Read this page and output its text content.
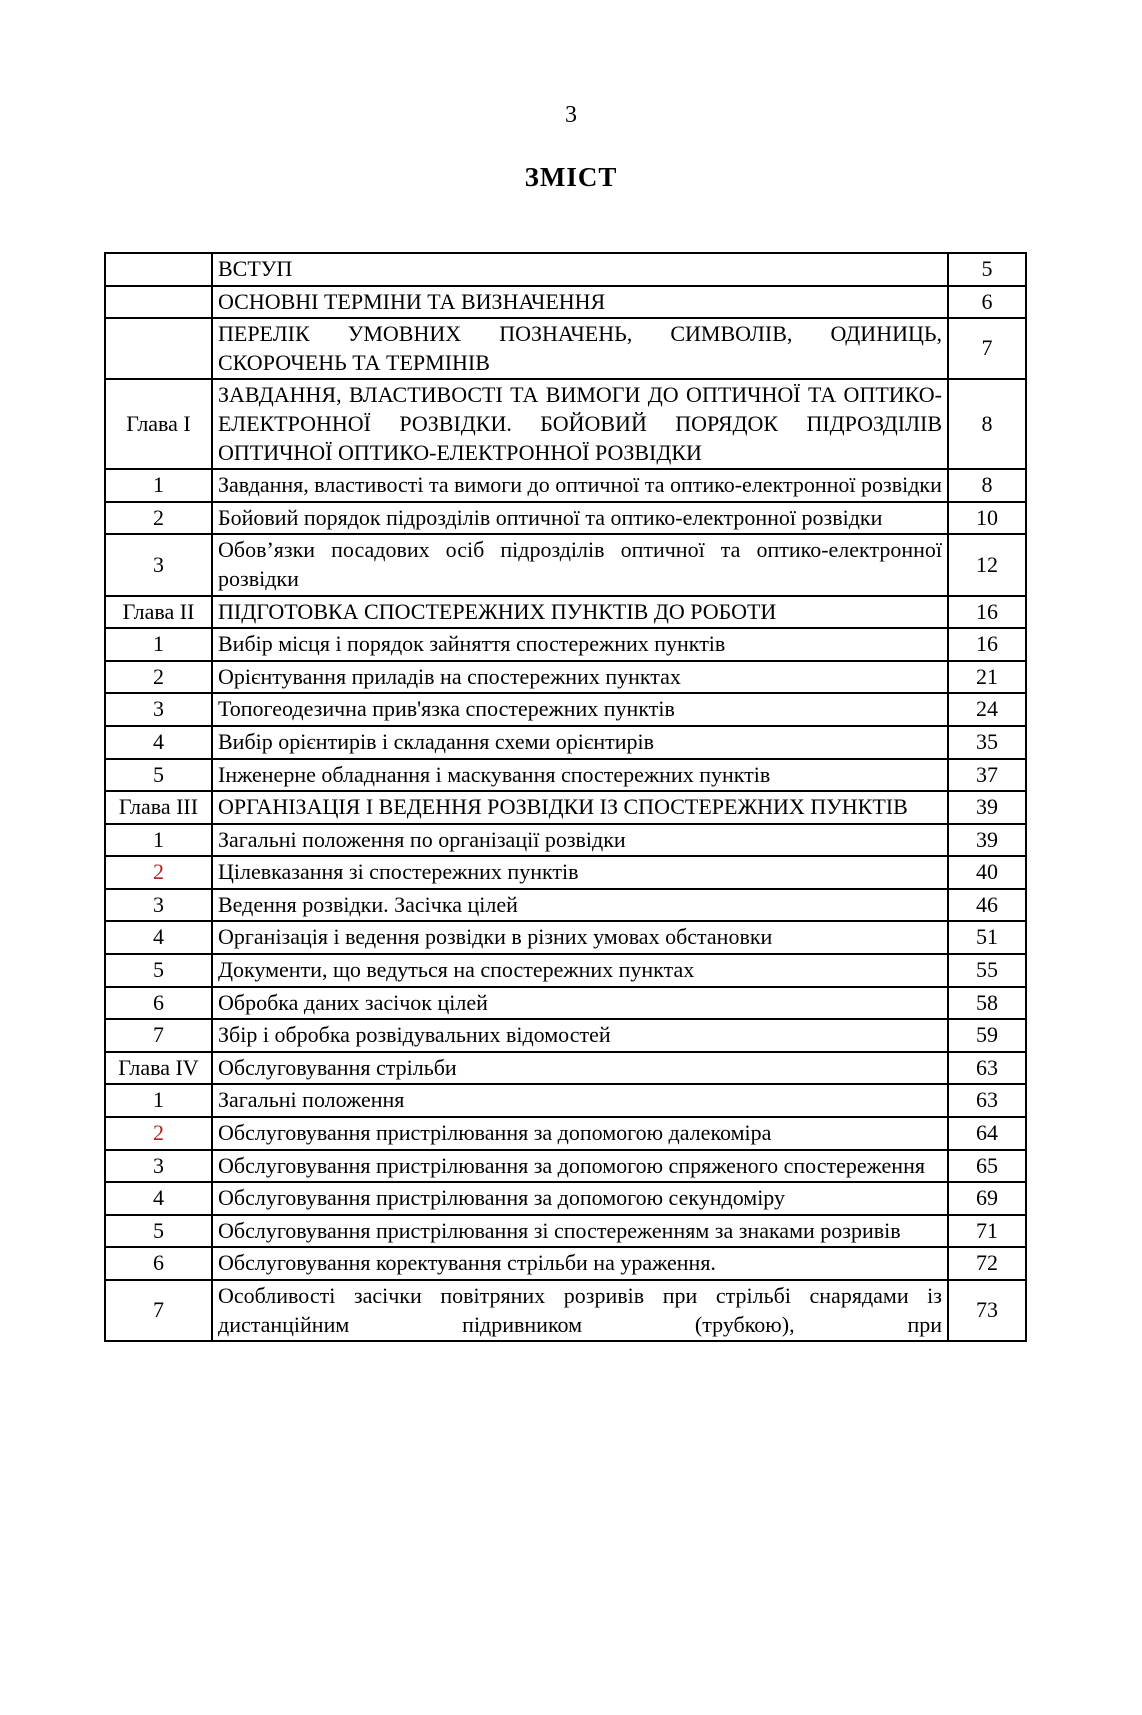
3
ЗМІСТ
	ВСТУП	5
	ОСНОВНІ ТЕРМІНИ ТА ВИЗНАЧЕННЯ	6
	ПЕРЕЛІК УМОВНИХ ПОЗНАЧЕНЬ, СИМВОЛІВ, ОДИНИЦЬ, СКОРОЧЕНЬ ТА ТЕРМІНІВ	7
Глава I	ЗАВДАННЯ, ВЛАСТИВОСТІ ТА ВИМОГИ ДО ОПТИЧНОЇ ТА ОПТИКО-ЕЛЕКТРОННОЇ РОЗВІДКИ. БОЙОВИЙ ПОРЯДОК ПІДРОЗДІЛІВ ОПТИЧНОЇ ОПТИКО-ЕЛЕКТРОННОЇ РОЗВІДКИ	8
1	Завдання, властивості та вимоги до оптичної та оптико-електронної розвідки	8
2	Бойовий порядок підрозділів оптичної та оптико-електронної розвідки	10
3	Обов’язки посадових осіб підрозділів оптичної та оптико-електронної розвідки	12
Глава II	ПІДГОТОВКА СПОСТЕРЕЖНИХ ПУНКТІВ ДО РОБОТИ	16
1	Вибір місця і порядок зайняття спостережних пунктів	16
2	Орієнтування приладів на спостережних пунктах	21
3	Топогеодезична прив'язка спостережних пунктів	24
4	Вибір орієнтирів і складання схеми орієнтирів	35
5	Інженерне обладнання і маскування спостережних пунктів	37
Глава III	ОРГАНІЗАЦІЯ І ВЕДЕННЯ РОЗВІДКИ ІЗ СПОСТЕРЕЖНИХ ПУНКТІВ	39
1	Загальні положення по організації розвідки	39
2	Цілевказання зі спостережних пунктів	40
3	Ведення розвідки. Засічка цілей	46
4	Організація і ведення розвідки в різних умовах обстановки	51
5	Документи, що ведуться на спостережних пунктах	55
6	Обробка даних засічок цілей	58
7	Збір і обробка розвідувальних відомостей	59
Глава IV	Обслуговування стрільби	63
1	Загальні положення	63
2	Обслуговування пристрілювання за допомогою далекоміра	64
3	Обслуговування пристрілювання за допомогою спряженого спостереження	65
4	Обслуговування пристрілювання за допомогою секундоміру	69
5	Обслуговування пристрілювання зі спостереженням за знаками розривів	71
6	Обслуговування коректування стрільби на ураження.	72
7	Особливості засічки повітряних розривів при стрільбі снарядами із дистанційним підривником (трубкою), при	73
